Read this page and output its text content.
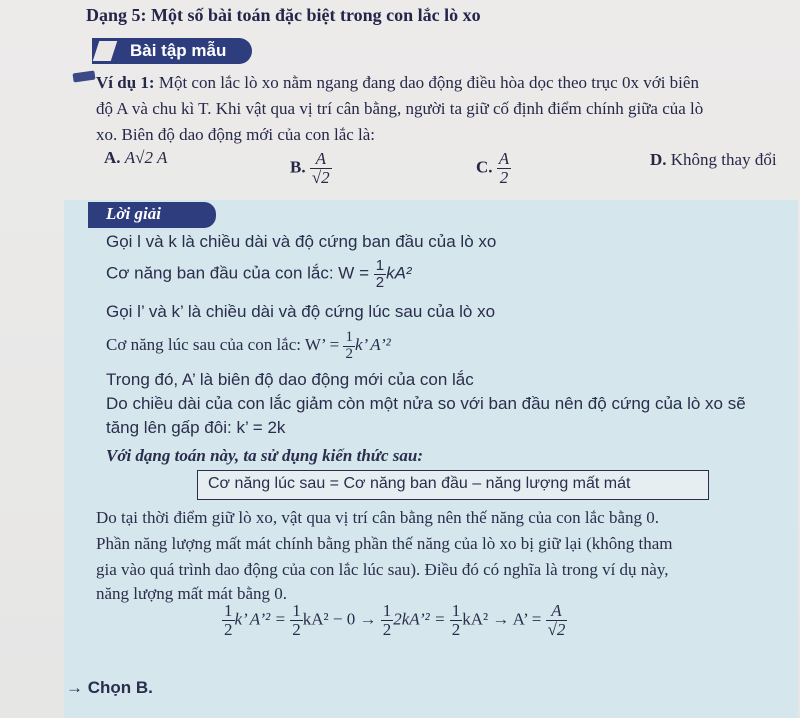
Dạng 5: Một số bài toán đặc biệt trong con lắc lò xo
Bài tập mẫu
Ví dụ 1: Một con lắc lò xo nằm ngang đang dao động điều hòa dọc theo trục 0x với biên
độ A và chu kì T. Khi vật qua vị trí cân bằng, người ta giữ cố định điểm chính giữa của lò
xo. Biên độ dao động mới của con lắc là:
A. A√2 A	B. $\frac{A}{√2}$	C. $\frac{A}{2}$	D. Không thay đổi
Lời giải
Gọi l và k là chiều dài và độ cứng ban đầu của lò xo
Cơ năng ban đầu của con lắc: $W = \frac{1}{2} kA^2$
Gọi l’ và k’ là chiều dài và độ cứng lúc sau của lò xo
Cơ năng lúc sau của con lắc: W’ = $\frac{1}{2} k$’ A’²
Trong đó, A’ là biên độ dao động mới của con lắc
Do chiều dài của con lắc giảm còn một nửa so với ban đầu nên độ cứng của lò xo sẽ
tăng lên gấp đôi: k’ = 2k
Với dạng toán này, ta sử dụng kiến thức sau:
Cơ năng lúc sau = Cơ năng ban đầu – năng lượng mất mát
Do tại thời điểm giữ lò xo, vật qua vị trí cân bằng nên thế năng của con lắc bằng 0.
Phần năng lượng mất mát chính bằng phần thế năng của lò xo bị giữ lại (không tham
gia vào quá trình dao động của con lắc lúc sau). Điều đó có nghĩa là trong ví dụ này,
năng lượng mất mát bằng 0.
$\frac{1}{2} k$’ A’² = $\frac{1}{2} kA^2 - 0 \to \frac{1}{2}$ 2kA’² = $\frac{1}{2} kA^2 \to A$’ = $\frac{A}{√2}$
→ Chọn B.
